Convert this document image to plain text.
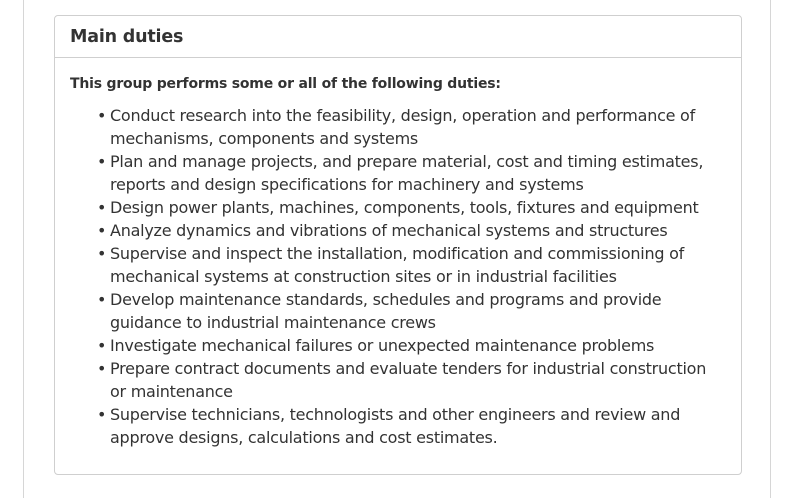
Main duties

This group performs some or all of the following duties:

• Conduct research into the feasibility, design, operation and performance of mechanisms, components and systems
• Plan and manage projects, and prepare material, cost and timing estimates, reports and design specifications for machinery and systems
• Design power plants, machines, components, tools, fixtures and equipment
• Analyze dynamics and vibrations of mechanical systems and structures
• Supervise and inspect the installation, modification and commissioning of mechanical systems at construction sites or in industrial facilities
• Develop maintenance standards, schedules and programs and provide guidance to industrial maintenance crews
• Investigate mechanical failures or unexpected maintenance problems
• Prepare contract documents and evaluate tenders for industrial construction or maintenance
• Supervise technicians, technologists and other engineers and review and approve designs, calculations and cost estimates.
